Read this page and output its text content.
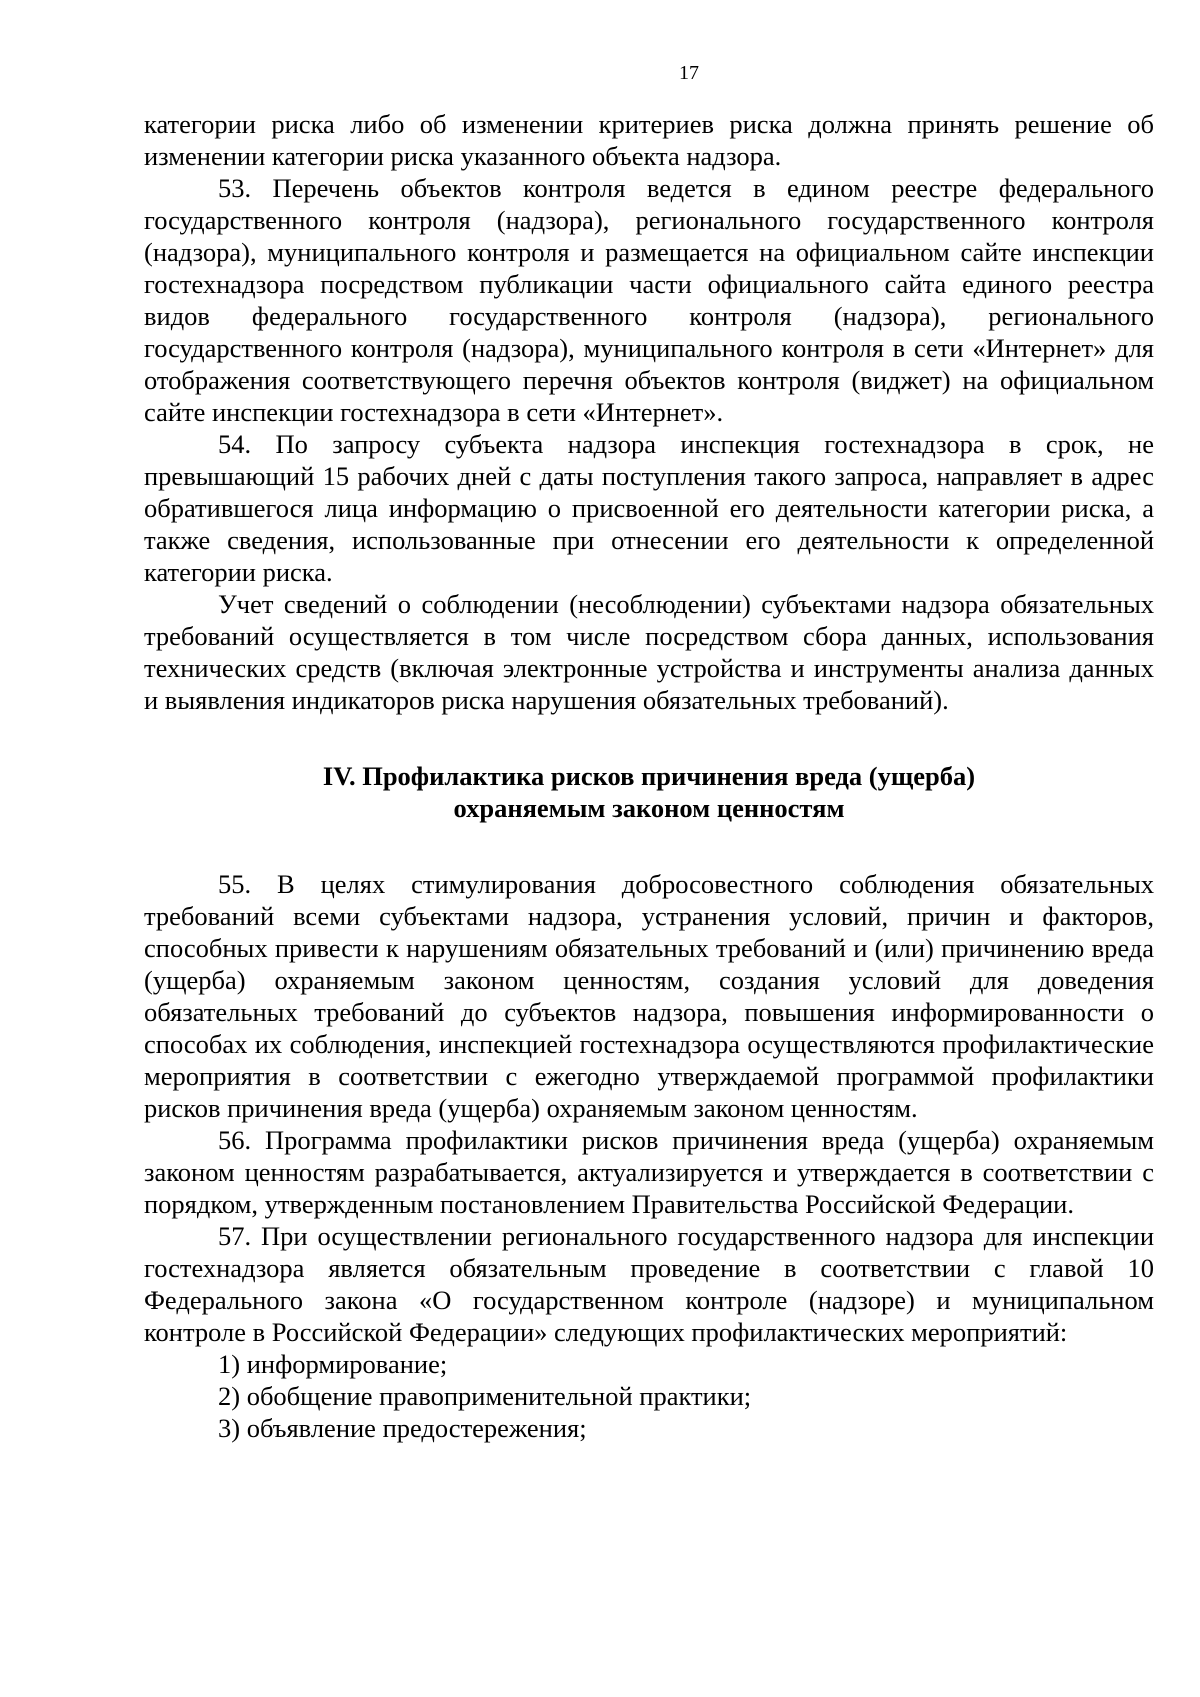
17

категории риска либо об изменении критериев риска должна принять решение об изменении категории риска указанного объекта надзора.

53. Перечень объектов контроля ведется в едином реестре федерального государственного контроля (надзора), регионального государственного контроля (надзора), муниципального контроля и размещается на официальном сайте инспекции гостехнадзора посредством публикации части официального сайта единого реестра видов федерального государственного контроля (надзора), регионального государственного контроля (надзора), муниципального контроля в сети «Интернет» для отображения соответствующего перечня объектов контроля (виджет) на официальном сайте инспекции гостехнадзора в сети «Интернет».

54. По запросу субъекта надзора инспекция гостехнадзора в срок, не превышающий 15 рабочих дней с даты поступления такого запроса, направляет в адрес обратившегося лица информацию о присвоенной его деятельности категории риска, а также сведения, использованные при отнесении его деятельности к определенной категории риска.

Учет сведений о соблюдении (несоблюдении) субъектами надзора обязательных требований осуществляется в том числе посредством сбора данных, использования технических средств (включая электронные устройства и инструменты анализа данных и выявления индикаторов риска нарушения обязательных требований).

IV. Профилактика рисков причинения вреда (ущерба)
охраняемым законом ценностям

55. В целях стимулирования добросовестного соблюдения обязательных требований всеми субъектами надзора, устранения условий, причин и факторов, способных привести к нарушениям обязательных требований и (или) причинению вреда (ущерба) охраняемым законом ценностям, создания условий для доведения обязательных требований до субъектов надзора, повышения информированности о способах их соблюдения, инспекцией гостехнадзора осуществляются профилактические мероприятия в соответствии с ежегодно утверждаемой программой профилактики рисков причинения вреда (ущерба) охраняемым законом ценностям.

56. Программа профилактики рисков причинения вреда (ущерба) охраняемым законом ценностям разрабатывается, актуализируется и утверждается в соответствии с порядком, утвержденным постановлением Правительства Российской Федерации.

57. При осуществлении регионального государственного надзора для инспекции гостехнадзора является обязательным проведение в соответствии с главой 10 Федерального закона «О государственном контроле (надзоре) и муниципальном контроле в Российской Федерации» следующих профилактических мероприятий:

1) информирование;

2) обобщение правоприменительной практики;

3) объявление предостережения;
